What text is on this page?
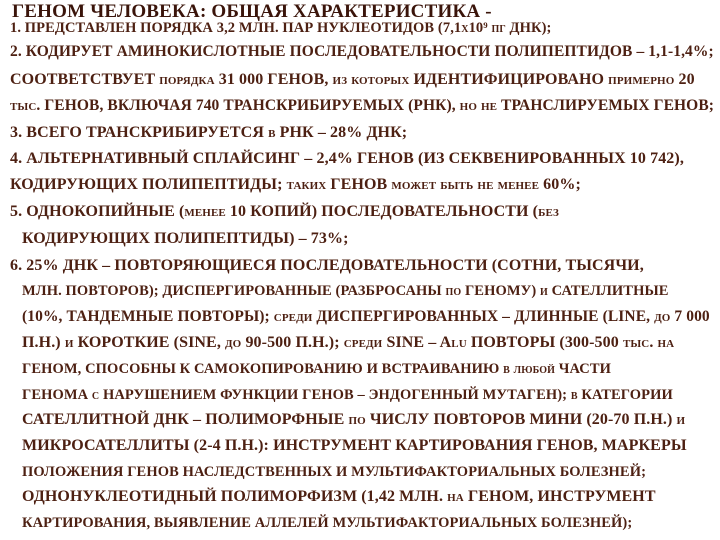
ГЕНОМ ЧЕЛОВЕКА: ОБЩАЯ ХАРАКТЕРИСТИКА -
1. ПРЕДСТАВЛЕН ПОРЯДКА 3,2 МЛН. ПАР НУКЛЕОТИДОВ (7,1x10⁹ пг ДНК);
2. КОДИРУЕТ АМИНОКИСЛОТНЫЕ ПОСЛЕДОВАТЕЛЬНОСТИ ПОЛИПЕПТИДОВ – 1,1-1,4%;
СООТВЕТСТВУЕТ порядка 31 000 ГЕНОВ, из которых ИДЕНТИФИЦИРОВАНО примерно 20
тыс. ГЕНОВ, ВКЛЮЧАЯ 740 ТРАНСКРИБИРУЕМЫХ (РНК), но не ТРАНСЛИРУЕМЫХ ГЕНОВ;
3. ВСЕГО ТРАНСКРИБИРУЕТСЯ в РНК – 28% ДНК;
4. АЛЬТЕРНАТИВНЫЙ СПЛАЙСИНГ – 2,4% ГЕНОВ (ИЗ СЕКВЕНИРОВАННЫХ 10 742),
КОДИРУЮЩИХ ПОЛИПЕПТИДЫ; таких ГЕНОВ может быть не менее 60%;
5. ОДНОКОПИЙНЫЕ (менее 10 КОПИЙ) ПОСЛЕДОВАТЕЛЬНОСТИ (без
КОДИРУЮЩИХ ПОЛИПЕПТИДЫ) – 73%;
6. 25% ДНК – ПОВТОРЯЮЩИЕСЯ ПОСЛЕДОВАТЕЛЬНОСТИ (СОТНИ, ТЫСЯЧИ,
МЛН. ПОВТОРОВ); ДИСПЕРГИРОВАННЫЕ (РАЗБРОСАНЫ по ГЕНОМУ) и САТЕЛЛИТНЫЕ
(10%, ТАНДЕМНЫЕ ПОВТОРЫ); среди ДИСПЕРГИРОВАННЫХ – ДЛИННЫЕ (LINE, до 7 000
П.Н.) и КОРОТКИЕ (SINE, до 90-500 П.Н.); среди SINE – Alu ПОВТОРЫ (300-500 тыс. на
ГЕНОМ, СПОСОБНЫ К САМОКОПИРОВАНИЮ И ВСТРАИВАНИЮ в любой ЧАСТИ
ГЕНОМА с НАРУШЕНИЕМ ФУНКЦИИ ГЕНОВ – ЭНДОГЕННЫЙ МУТАГЕН); в КАТЕГОРИИ
САТЕЛЛИТНОЙ ДНК – ПОЛИМОРФНЫЕ по ЧИСЛУ ПОВТОРОВ МИНИ (20-70 П.Н.) и
МИКРОСАТЕЛЛИТЫ (2-4 П.Н.): ИНСТРУМЕНТ КАРТИРОВАНИЯ ГЕНОВ, МАРКЕРЫ
ПОЛОЖЕНИЯ ГЕНОВ НАСЛЕДСТВЕННЫХ И МУЛЬТИФАКТОРИАЛЬНЫХ БОЛЕЗНЕЙ;
ОДНОНУКЛЕОТИДНЫЙ ПОЛИМОРФИЗМ (1,42 МЛН. на ГЕНОМ, ИНСТРУМЕНТ
КАРТИРОВАНИЯ, ВЫЯВЛЕНИЕ АЛЛЕЛЕЙ МУЛЬТИФАКТОРИАЛЬНЫХ БОЛЕЗНЕЙ);
